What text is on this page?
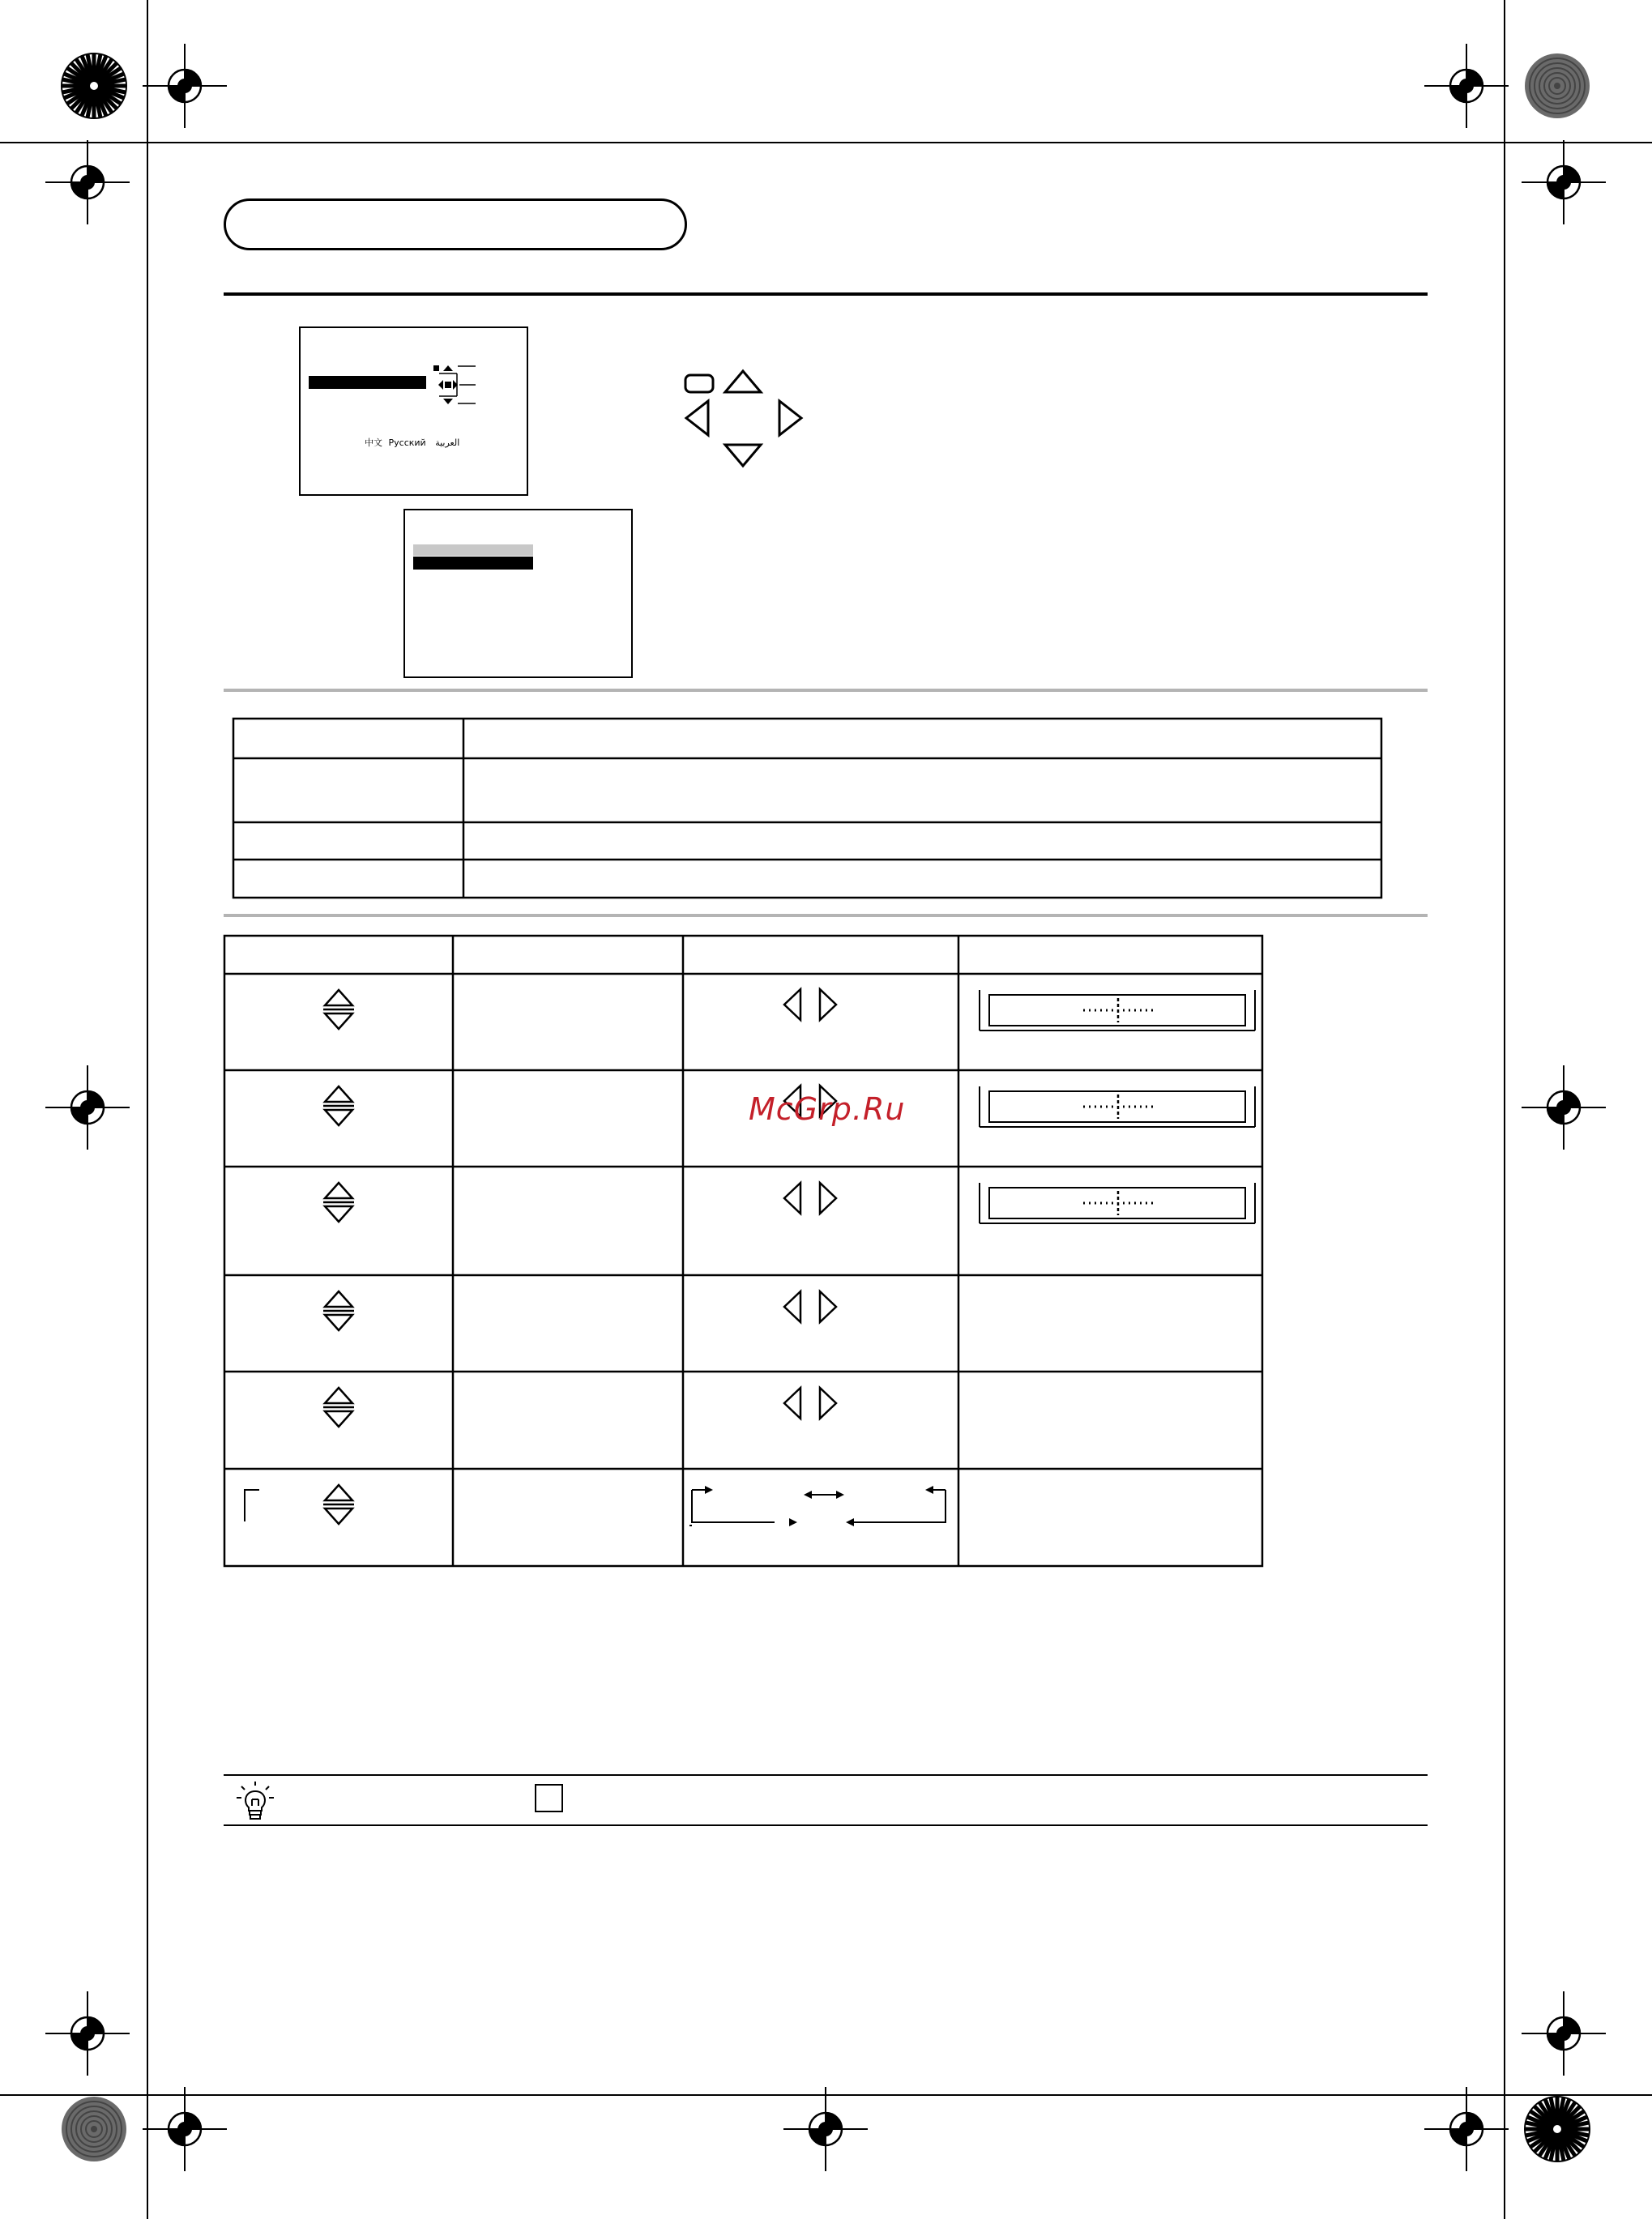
中文 Русский العربية
McGrp.Ru
